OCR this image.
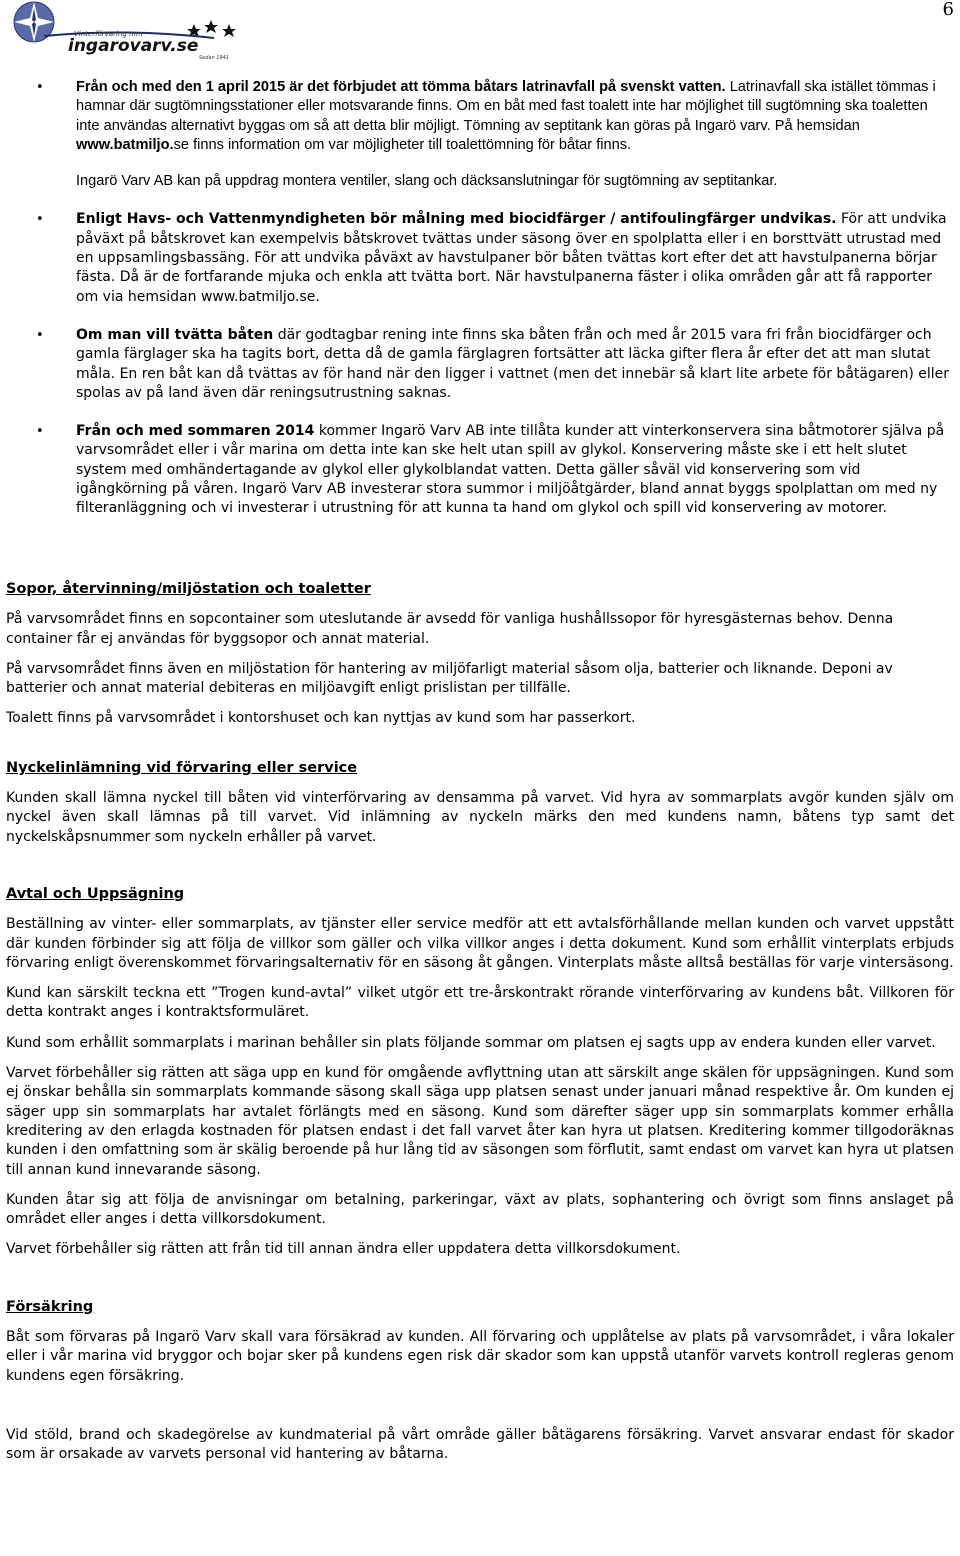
Vinterförvaring mm
ingarovarv.se
Sedan 1941
6
• Från och med den 1 april 2015 är det förbjudet att tömma båtars latrinavfall på svenskt vatten. Latrinavfall ska istället tömmas i hamnar där sugtömningsstationer eller motsvarande finns. Om en båt med fast toalett inte har möjlighet till sugtömning ska toaletten inte användas alternativt byggas om så att detta blir möjligt. Tömning av septitank kan göras på Ingarö varv. På hemsidan www.batmiljo.se finns information om var möjligheter till toalettömning för båtar finns.

Ingarö Varv AB kan på uppdrag montera ventiler, slang och däcksanslutningar för sugtömning av septitankar.

• Enligt Havs- och Vattenmyndigheten bör målning med biocidfärger / antifoulingfärger undvikas. För att undvika påväxt på båtskrovet kan exempelvis båtskrovet tvättas under säsong över en spolplatta eller i en borsttvätt utrustad med en uppsamlingsbassäng. För att undvika påväxt av havstulpaner bör båten tvättas kort efter det att havstulpanerna börjar fästa. Då är de fortfarande mjuka och enkla att tvätta bort. När havstulpanerna fäster i olika områden går att få rapporter om via hemsidan www.batmiljo.se.

• Om man vill tvätta båten där godtagbar rening inte finns ska båten från och med år 2015 vara fri från biocidfärger och gamla färglager ska ha tagits bort, detta då de gamla färglagren fortsätter att läcka gifter flera år efter det att man slutat måla. En ren båt kan då tvättas av för hand när den ligger i vattnet (men det innebär så klart lite arbete för båtägaren) eller spolas av på land även där reningsutrustning saknas.

• Från och med sommaren 2014 kommer Ingarö Varv AB inte tillåta kunder att vinterkonservera sina båtmotorer själva på varvsområdet eller i vår marina om detta inte kan ske helt utan spill av glykol. Konservering måste ske i ett helt slutet system med omhändertagande av glykol eller glykolblandat vatten. Detta gäller såväl vid konservering som vid igångkörning på våren. Ingarö Varv AB investerar stora summor i miljöåtgärder, bland annat byggs spolplattan om med ny filteranläggning och vi investerar i utrustning för att kunna ta hand om glykol och spill vid konservering av motorer.

Sopor, återvinning/miljöstation och toaletter

På varvsområdet finns en sopcontainer som uteslutande är avsedd för vanliga hushållssopor för hyresgästernas behov. Denna container får ej användas för byggsopor och annat material.

På varvsområdet finns även en miljöstation för hantering av miljöfarligt material såsom olja, batterier och liknande. Deponi av batterier och annat material debiteras en miljöavgift enligt prislistan per tillfälle.

Toalett finns på varvsområdet i kontorshuset och kan nyttjas av kund som har passerkort.

Nyckelinlämning vid förvaring eller service

Kunden skall lämna nyckel till båten vid vinterförvaring av densamma på varvet. Vid hyra av sommarplats avgör kunden själv om nyckel även skall lämnas på till varvet. Vid inlämning av nyckeln märks den med kundens namn, båtens typ samt det nyckelskåpsnummer som nyckeln erhåller på varvet.

Avtal och Uppsägning

Beställning av vinter- eller sommarplats, av tjänster eller service medför att ett avtalsförhållande mellan kunden och varvet uppstått där kunden förbinder sig att följa de villkor som gäller och vilka villkor anges i detta dokument. Kund som erhållit vinterplats erbjuds förvaring enligt överenskommet förvaringsalternativ för en säsong åt gången. Vinterplats måste alltså beställas för varje vintersäsong.

Kund kan särskilt teckna ett ”Trogen kund-avtal” vilket utgör ett tre-årskontrakt rörande vinterförvaring av kundens båt. Villkoren för detta kontrakt anges i kontraktsformuläret.

Kund som erhållit sommarplats i marinan behåller sin plats följande sommar om platsen ej sagts upp av endera kunden eller varvet.

Varvet förbehåller sig rätten att säga upp en kund för omgående avflyttning utan att särskilt ange skälen för uppsägningen. Kund som ej önskar behålla sin sommarplats kommande säsong skall säga upp platsen senast under januari månad respektive år. Om kunden ej säger upp sin sommarplats har avtalet förlängts med en säsong. Kund som därefter säger upp sin sommarplats kommer erhålla kreditering av den erlagda kostnaden för platsen endast i det fall varvet åter kan hyra ut platsen. Kreditering kommer tillgodoräknas kunden i den omfattning som är skälig beroende på hur lång tid av säsongen som förflutit, samt endast om varvet kan hyra ut platsen till annan kund innevarande säsong.

Kunden åtar sig att följa de anvisningar om betalning, parkeringar, växt av plats, sophantering och övrigt som finns anslaget på området eller anges i detta villkorsdokument.

Varvet förbehåller sig rätten att från tid till annan ändra eller uppdatera detta villkorsdokument.

Försäkring

Båt som förvaras på Ingarö Varv skall vara försäkrad av kunden. All förvaring och upplåtelse av plats på varvsområdet, i våra lokaler eller i vår marina vid bryggor och bojar sker på kundens egen risk där skador som kan uppstå utanför varvets kontroll regleras genom kundens egen försäkring.

Vid stöld, brand och skadegörelse av kundmaterial på vårt område gäller båtägarens försäkring. Varvet ansvarar endast för skador som är orsakade av varvets personal vid hantering av båtarna.
